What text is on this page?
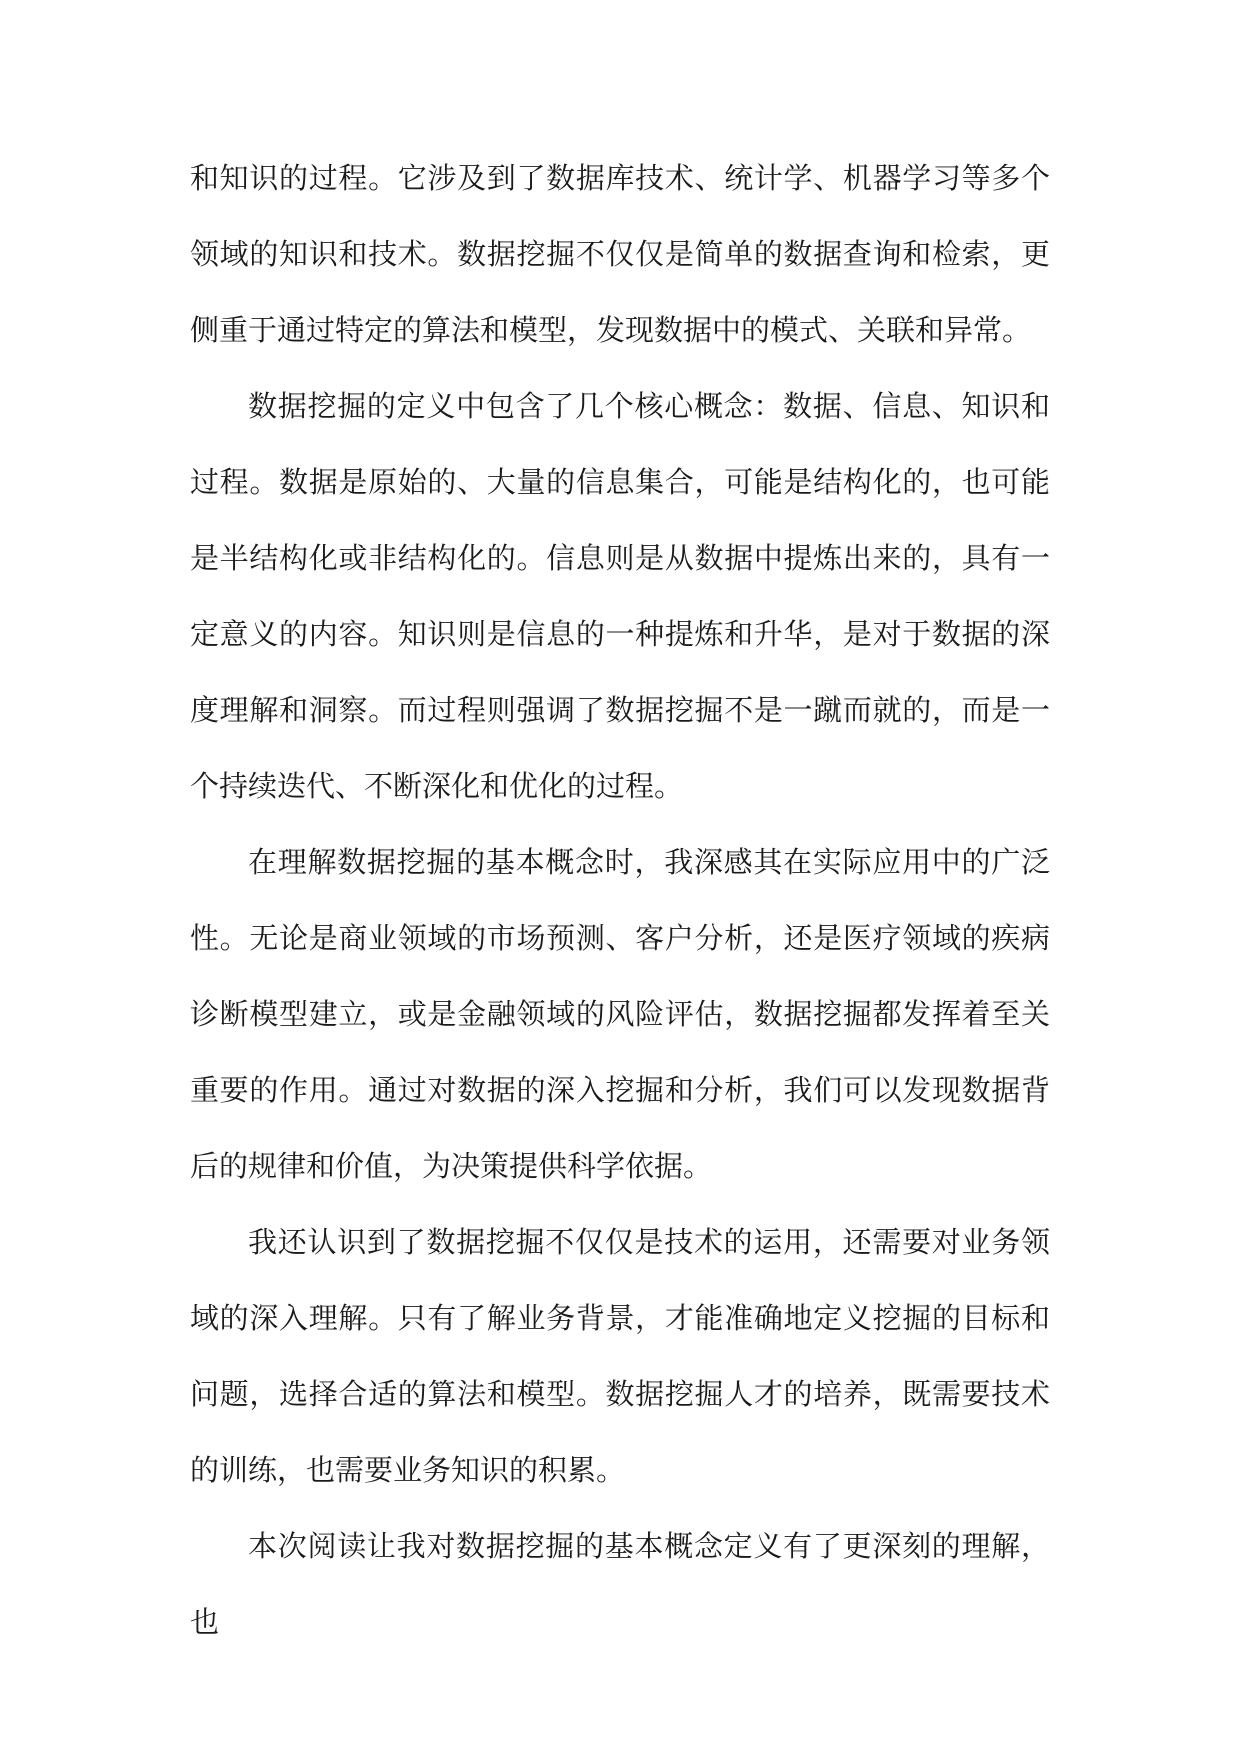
和知识的过程。它涉及到了数据库技术、统计学、机器学习等多个领域的知识和技术。数据挖掘不仅仅是简单的数据查询和检索，更侧重于通过特定的算法和模型，发现数据中的模式、关联和异常。

数据挖掘的定义中包含了几个核心概念：数据、信息、知识和过程。数据是原始的、大量的信息集合，可能是结构化的，也可能是半结构化或非结构化的。信息则是从数据中提炼出来的，具有一定意义的内容。知识则是信息的一种提炼和升华，是对于数据的深度理解和洞察。而过程则强调了数据挖掘不是一蹴而就的，而是一个持续迭代、不断深化和优化的过程。

在理解数据挖掘的基本概念时，我深感其在实际应用中的广泛性。无论是商业领域的市场预测、客户分析，还是医疗领域的疾病诊断模型建立，或是金融领域的风险评估，数据挖掘都发挥着至关重要的作用。通过对数据的深入挖掘和分析，我们可以发现数据背后的规律和价值，为决策提供科学依据。

我还认识到了数据挖掘不仅仅是技术的运用，还需要对业务领域的深入理解。只有了解业务背景，才能准确地定义挖掘的目标和问题，选择合适的算法和模型。数据挖掘人才的培养，既需要技术的训练，也需要业务知识的积累。

本次阅读让我对数据挖掘的基本概念定义有了更深刻的理解，也
